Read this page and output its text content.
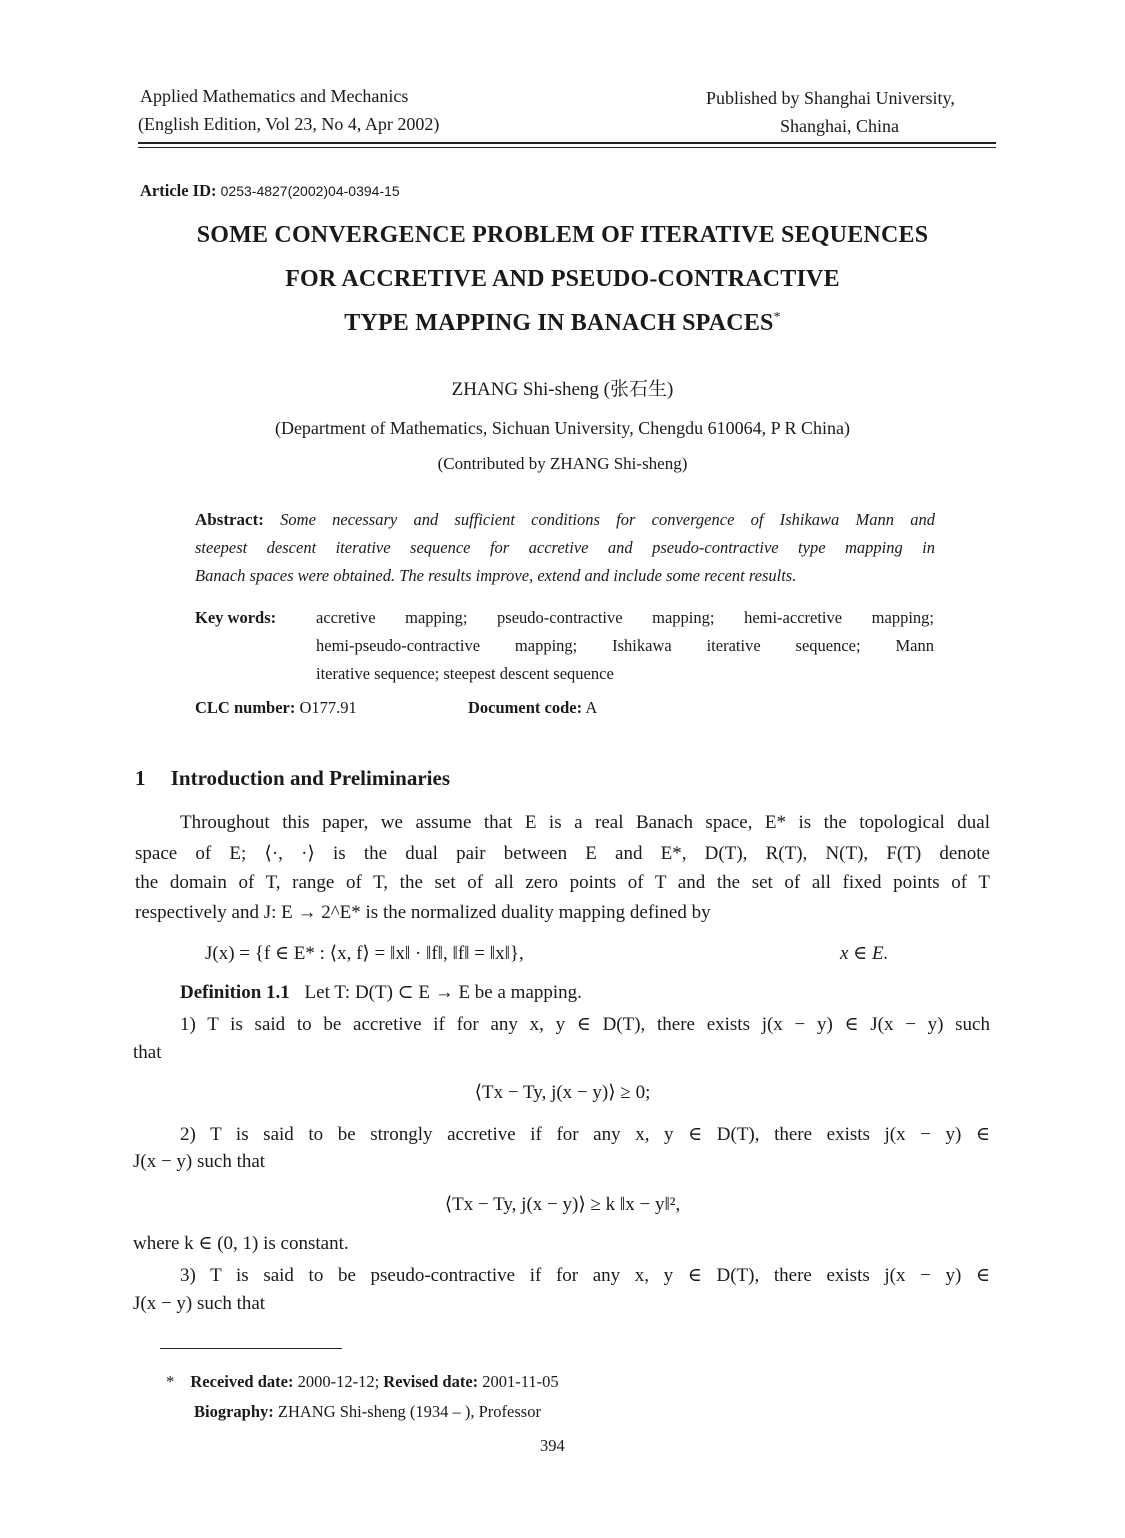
Applied Mathematics and Mechanics
(English Edition, Vol 23, No 4, Apr 2002)
Published by Shanghai University,
Shanghai, China
Article ID: 0253-4827(2002)04-0394-15
SOME CONVERGENCE PROBLEM OF ITERATIVE SEQUENCES
FOR ACCRETIVE AND PSEUDO-CONTRACTIVE
TYPE MAPPING IN BANACH SPACES*
ZHANG Shi-sheng (张石生)
(Department of Mathematics, Sichuan University, Chengdu 610064, P R China)
(Contributed by ZHANG Shi-sheng)
Abstract: Some necessary and sufficient conditions for convergence of Ishikawa Mann and
steepest descent iterative sequence for accretive and pseudo-contractive type mapping in
Banach spaces were obtained. The results improve, extend and include some recent results.
Key words: accretive mapping; pseudo-contractive mapping; hemi-accretive mapping;
hemi-pseudo-contractive mapping; Ishikawa iterative sequence; Mann
iterative sequence; steepest descent sequence
CLC number: O177.91	Document code: A
1 Introduction and Preliminaries
Throughout this paper, we assume that E is a real Banach space, E* is the topological dual
space of E; ⟨·, ·⟩ is the dual pair between E and E*, D(T), R(T), N(T), F(T) denote
the domain of T, range of T, the set of all zero points of T and the set of all fixed points of T
respectively and J: E → 2^E* is the normalized duality mapping defined by
J(x) = {f ∈ E* : ⟨x, f⟩ = ‖x‖ · ‖f‖, ‖f‖ = ‖x‖},	x ∈ E.
Definition 1.1 Let T: D(T) ⊂ E → E be a mapping.
1) T is said to be accretive if for any x, y ∈ D(T), there exists j(x − y) ∈ J(x − y) such
that
⟨Tx − Ty, j(x − y)⟩ ≥ 0;
2) T is said to be strongly accretive if for any x, y ∈ D(T), there exists j(x − y) ∈
J(x − y) such that
⟨Tx − Ty, j(x − y)⟩ ≥ k ‖x − y‖²,
where k ∈ (0, 1) is constant.
3) T is said to be pseudo-contractive if for any x, y ∈ D(T), there exists j(x − y) ∈
J(x − y) such that
* Received date: 2000-12-12; Revised date: 2001-11-05
Biography: ZHANG Shi-sheng (1934 – ), Professor
394
